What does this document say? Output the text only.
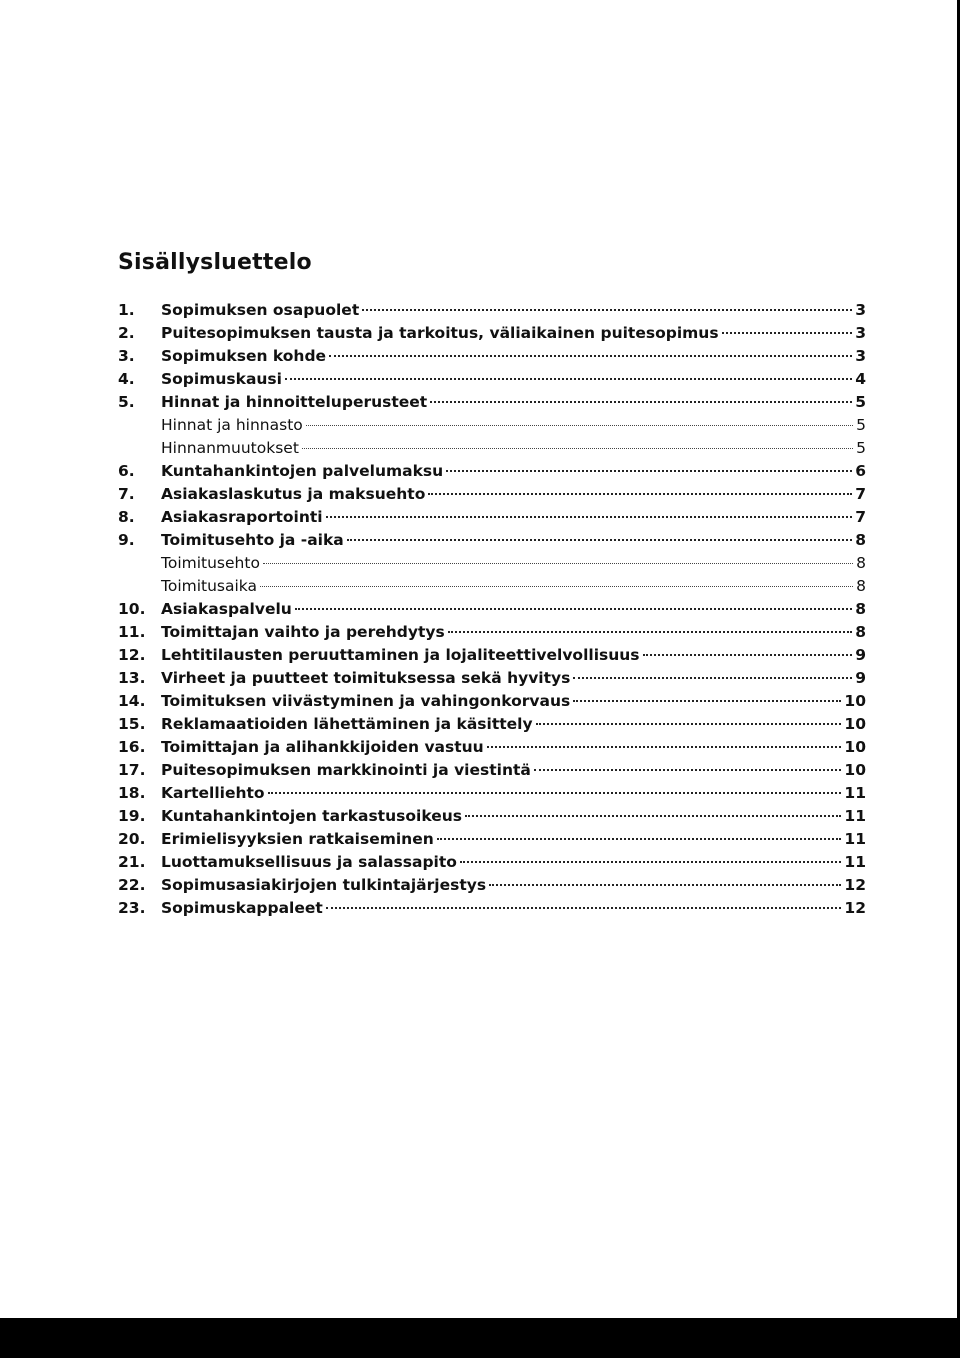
Sisällysluettelo
1.	Sopimuksen osapuolet	3
2.	Puitesopimuksen tausta ja tarkoitus, väliaikainen puitesopimus	3
3.	Sopimuksen kohde	3
4.	Sopimuskausi	4
5.	Hinnat ja hinnoitteluperusteet	5
Hinnat ja hinnasto	5
Hinnanmuutokset	5
6.	Kuntahankintojen palvelumaksu	6
7.	Asiakaslaskutus ja maksuehto	7
8.	Asiakasraportointi	7
9.	Toimitusehto ja -aika	8
Toimitusehto	8
Toimitusaika	8
10.	Asiakaspalvelu	8
11.	Toimittajan vaihto ja perehdytys	8
12.	Lehtitilausten peruuttaminen ja lojaliteettivelvollisuus	9
13.	Virheet ja puutteet toimituksessa sekä hyvitys	9
14.	Toimituksen viivästyminen ja vahingonkorvaus	10
15.	Reklamaatioiden lähettäminen ja käsittely	10
16.	Toimittajan ja alihankkijoiden vastuu	10
17.	Puitesopimuksen markkinointi ja viestintä	10
18.	Kartelliehto	11
19.	Kuntahankintojen tarkastusoikeus	11
20.	Erimielisyyksien ratkaiseminen	11
21.	Luottamuksellisuus ja salassapito	11
22.	Sopimusasiakirjojen tulkintajärjestys	12
23.	Sopimuskappaleet	12
